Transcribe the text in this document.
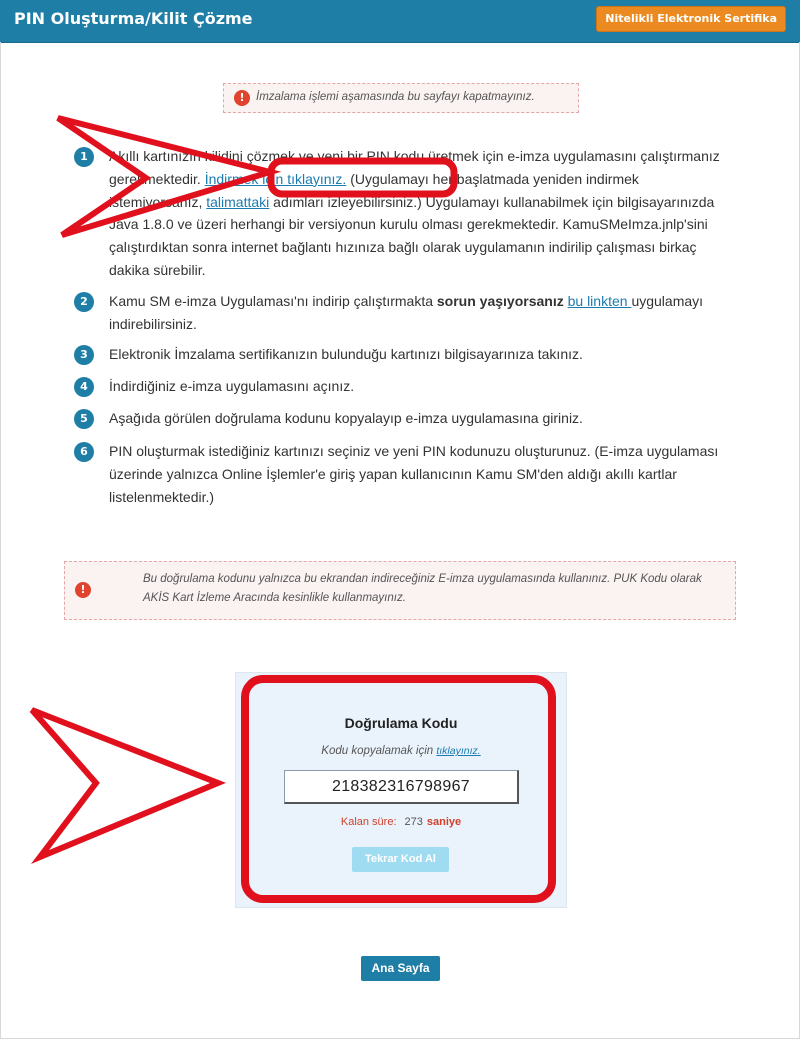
PIN Oluşturma/Kilit Çözme	Nitelikli Elektronik Sertifika
! İmzalama işlemi aşamasında bu sayfayı kapatmayınız.
1	Akıllı kartınızın kilidini çözmek ve yeni bir PIN kodu üretmek için e-imza uygulamasını çalıştırmanız gerekmektedir. İndirmek için tıklayınız. (Uygulamayı her başlatmada yeniden indirmek istemiyorsanız, talimattaki adımları izleyebilirsiniz.) Uygulamayı kullanabilmek için bilgisayarınızda Java 1.8.0 ve üzeri herhangi bir versiyonun kurulu olması gerekmektedir. KamuSMeImza.jnlp'sini çalıştırdıktan sonra internet bağlantı hızınıza bağlı olarak uygulamanın indirilip çalışması birkaç dakika sürebilir.
2	Kamu SM e-imza Uygulaması'nı indirip çalıştırmakta sorun yaşıyorsanız bu linkten uygulamayı indirebilirsiniz.
3	Elektronik İmzalama sertifikanızın bulunduğu kartınızı bilgisayarınıza takınız.
4	İndirdiğiniz e-imza uygulamasını açınız.
5	Aşağıda görülen doğrulama kodunu kopyalayıp e-imza uygulamasına giriniz.
6	PIN oluşturmak istediğiniz kartınızı seçiniz ve yeni PIN kodunuzu oluşturunuz. (E-imza uygulaması üzerinde yalnızca Online İşlemler'e giriş yapan kullanıcının Kamu SM'den aldığı akıllı kartlar listelenmektedir.)
!
Bu doğrulama kodunu yalnızca bu ekrandan indireceğiniz E-imza uygulamasında kullanınız. PUK Kodu olarak AKİS Kart İzleme Aracında kesinlikle kullanmayınız.
Doğrulama Kodu
Kodu kopyalamak için tıklayınız.
218382316798967
Kalan süre: 273 saniye
Tekrar Kod Al
Ana Sayfa
